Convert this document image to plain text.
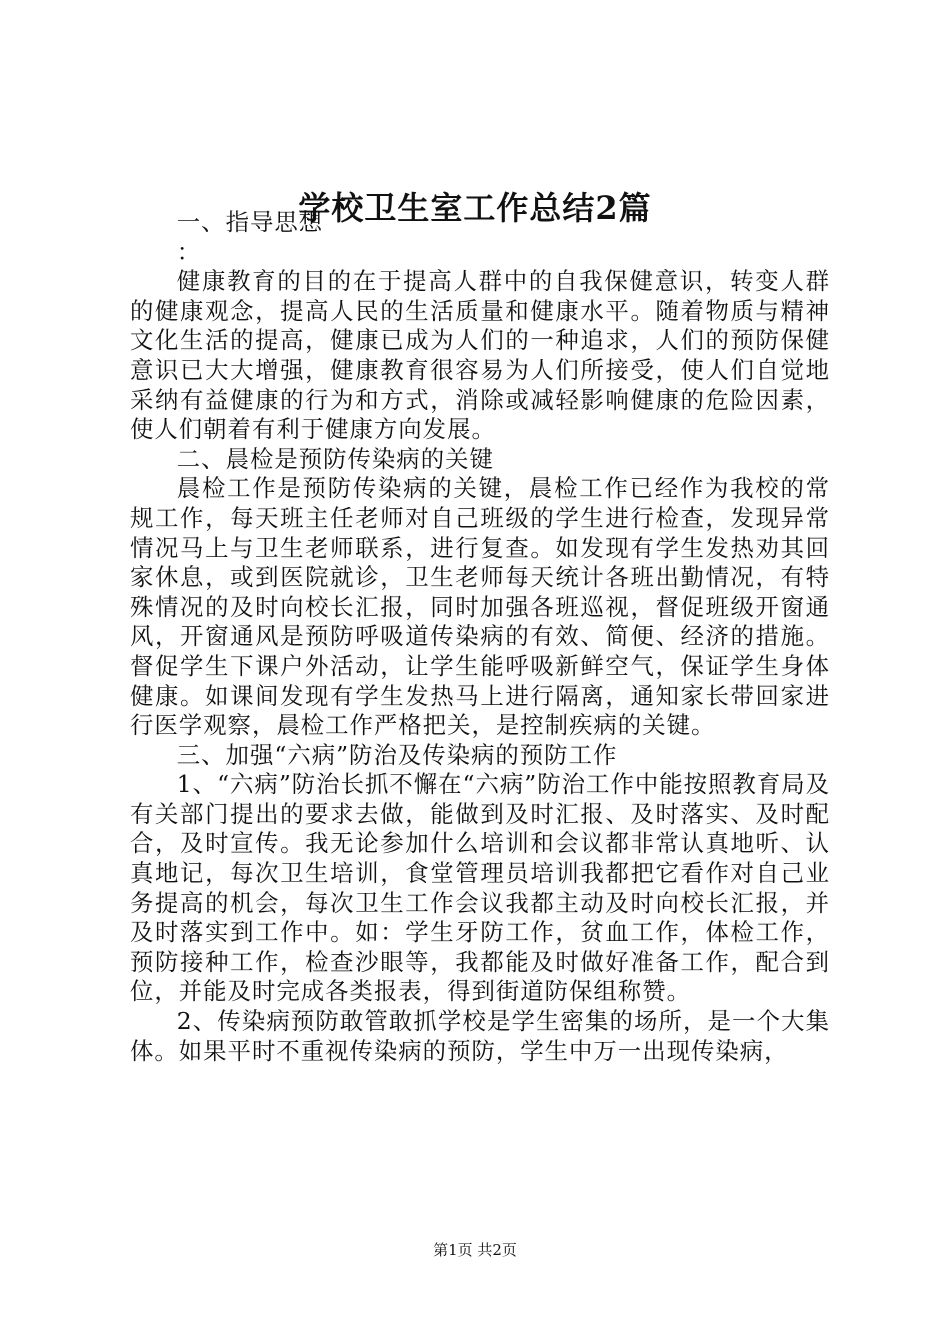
学校卫生室工作总结2篇

一、指导思想

：

健康教育的目的在于提高人群中的自我保健意识，转变人群的健康观念，提高人民的生活质量和健康水平。随着物质与精神文化生活的提高，健康已成为人们的一种追求，人们的预防保健意识已大大增强，健康教育很容易为人们所接受，使人们自觉地采纳有益健康的行为和方式，消除或减轻影响健康的危险因素，使人们朝着有利于健康方向发展。

二、晨检是预防传染病的关键

晨检工作是预防传染病的关键，晨检工作已经作为我校的常规工作，每天班主任老师对自己班级的学生进行检查，发现异常情况马上与卫生老师联系，进行复查。如发现有学生发热劝其回家休息，或到医院就诊，卫生老师每天统计各班出勤情况，有特殊情况的及时向校长汇报，同时加强各班巡视，督促班级开窗通风，开窗通风是预防呼吸道传染病的有效、简便、经济的措施。督促学生下课户外活动，让学生能呼吸新鲜空气，保证学生身体健康。如课间发现有学生发热马上进行隔离，通知家长带回家进行医学观察，晨检工作严格把关，是控制疾病的关键。

三、加强“六病”防治及传染病的预防工作

1、“六病”防治长抓不懈在“六病”防治工作中能按照教育局及有关部门提出的要求去做，能做到及时汇报、及时落实、及时配合，及时宣传。我无论参加什么培训和会议都非常认真地听、认真地记，每次卫生培训，食堂管理员培训我都把它看作对自己业务提高的机会，每次卫生工作会议我都主动及时向校长汇报，并及时落实到工作中。如：学生牙防工作，贫血工作，体检工作，预防接种工作，检查沙眼等，我都能及时做好准备工作，配合到位，并能及时完成各类报表，得到街道防保组称赞。

2、传染病预防敢管敢抓学校是学生密集的场所，是一个大集体。如果平时不重视传染病的预防，学生中万一出现传染病，

第1页 共2页
